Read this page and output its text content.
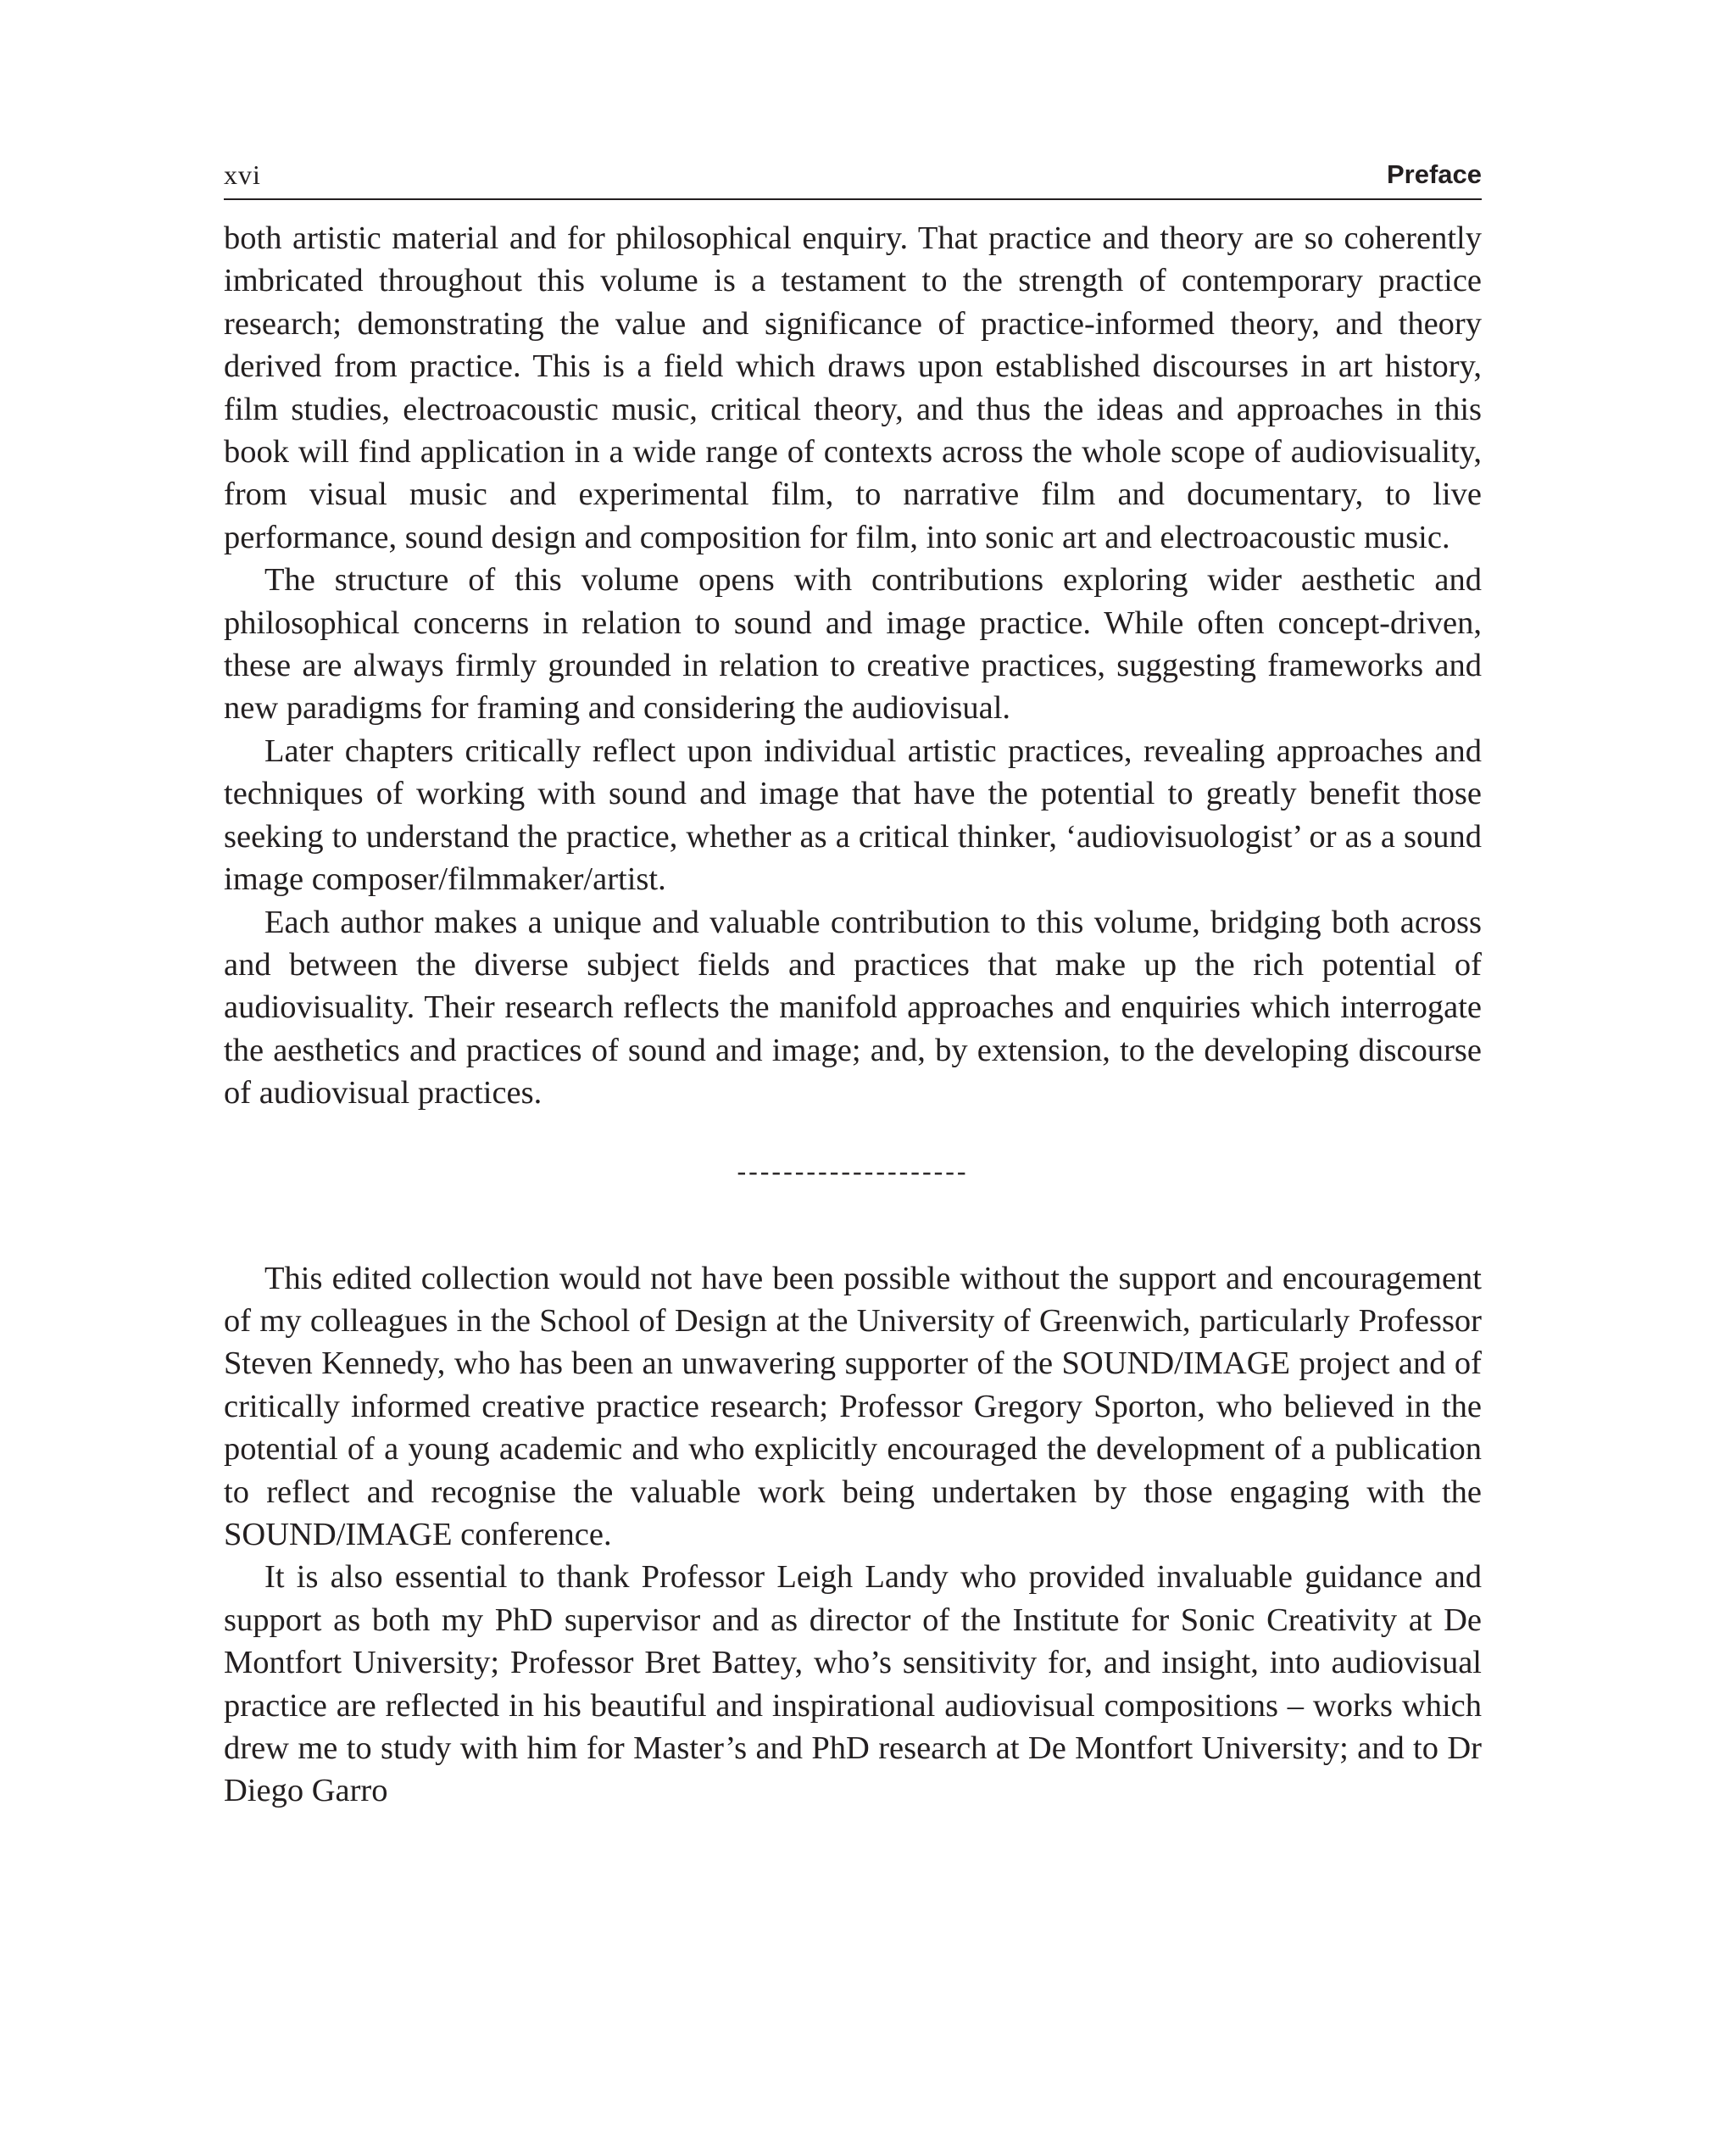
xvi	Preface

both artistic material and for philosophical enquiry. That practice and theory are so coherently imbricated throughout this volume is a testament to the strength of contemporary practice research; demonstrating the value and significance of practice-informed theory, and theory derived from practice. This is a field which draws upon established discourses in art history, film studies, electroacoustic music, critical theory, and thus the ideas and approaches in this book will find application in a wide range of contexts across the whole scope of audiovisuality, from visual music and experimental film, to narrative film and documentary, to live performance, sound design and composition for film, into sonic art and electroacoustic music.

The structure of this volume opens with contributions exploring wider aesthetic and philosophical concerns in relation to sound and image practice. While often concept-driven, these are always firmly grounded in relation to creative practices, suggesting frameworks and new paradigms for framing and considering the audiovisual.

Later chapters critically reflect upon individual artistic practices, revealing approaches and techniques of working with sound and image that have the potential to greatly benefit those seeking to understand the practice, whether as a critical thinker, ‘audiovisuologist’ or as a sound image composer/filmmaker/artist.

Each author makes a unique and valuable contribution to this volume, bridging both across and between the diverse subject fields and practices that make up the rich potential of audiovisuality. Their research reflects the manifold approaches and enquiries which interrogate the aesthetics and practices of sound and image; and, by extension, to the developing discourse of audiovisual practices.

--------------------

This edited collection would not have been possible without the support and encouragement of my colleagues in the School of Design at the University of Greenwich, particularly Professor Steven Kennedy, who has been an unwavering supporter of the SOUND/IMAGE project and of critically informed creative practice research; Professor Gregory Sporton, who believed in the potential of a young academic and who explicitly encouraged the development of a publication to reflect and recognise the valuable work being undertaken by those engaging with the SOUND/IMAGE conference.

It is also essential to thank Professor Leigh Landy who provided invaluable guidance and support as both my PhD supervisor and as director of the Institute for Sonic Creativity at De Montfort University; Professor Bret Battey, who’s sensitivity for, and insight, into audiovisual practice are reflected in his beautiful and inspirational audiovisual compositions – works which drew me to study with him for Master’s and PhD research at De Montfort University; and to Dr Diego Garro
